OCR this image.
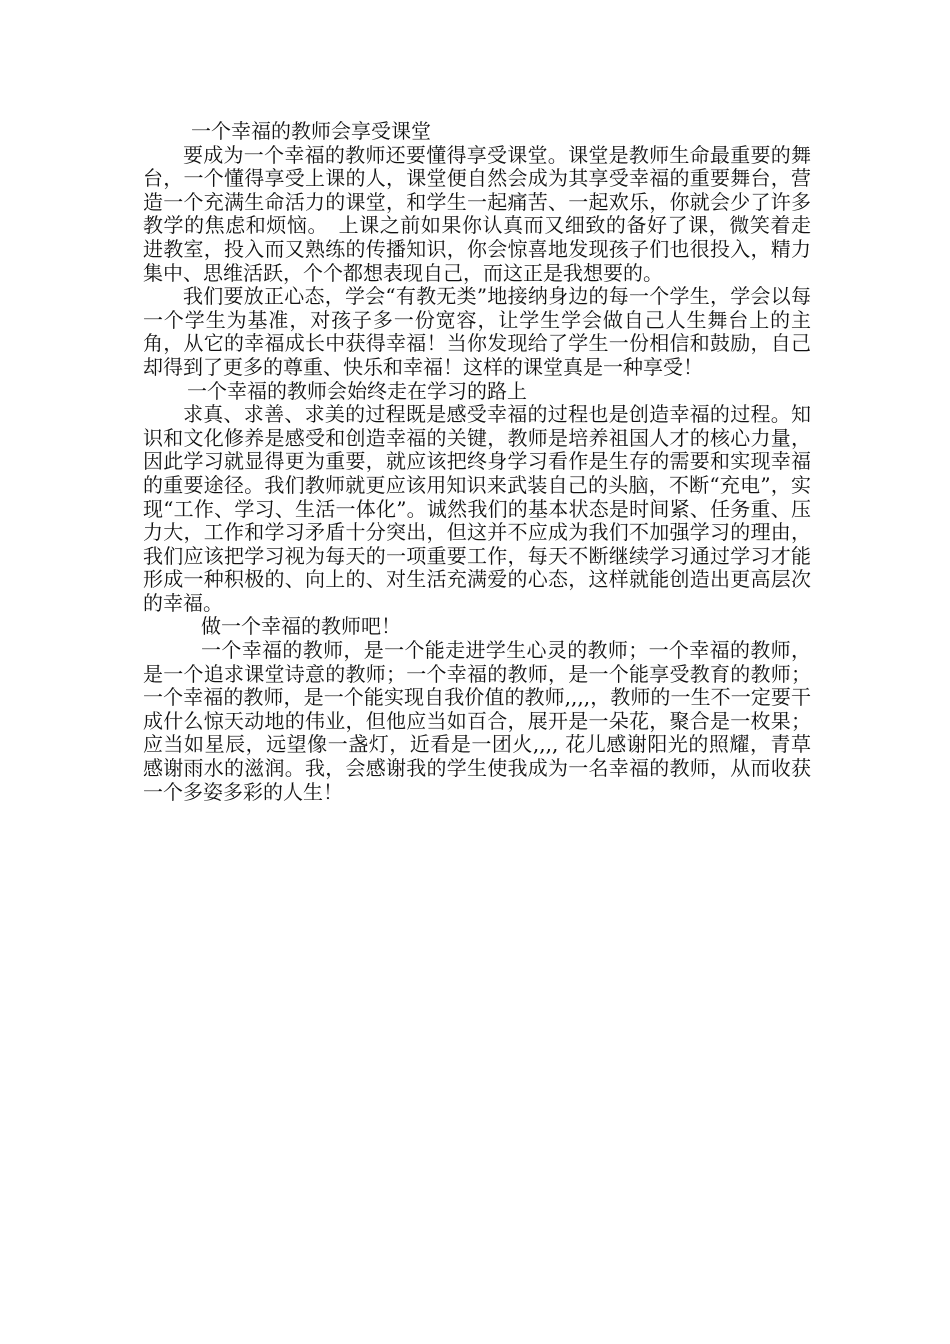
一个幸福的教师会享受课堂

要成为一个幸福的教师还要懂得享受课堂。课堂是教师生命最重要的舞台，一个懂得享受上课的人，课堂便自然会成为其享受幸福的重要舞台，营造一个充满生命活力的课堂，和学生一起痛苦、一起欢乐，你就会少了许多教学的焦虑和烦恼。　上课之前如果你认真而又细致的备好了课，微笑着走进教室，投入而又熟练的传播知识，你会惊喜地发现孩子们也很投入，精力集中、思维活跃，个个都想表现自己，而这正是我想要的。

我们要放正心态，学会“有教无类”地接纳身边的每一个学生，学会以每一个学生为基准，对孩子多一份宽容，让学生学会做自己人生舞台上的主角，从它的幸福成长中获得幸福！当你发现给了学生一份相信和鼓励，自己却得到了更多的尊重、快乐和幸福！这样的课堂真是一种享受！

一个幸福的教师会始终走在学习的路上

求真、求善、求美的过程既是感受幸福的过程也是创造幸福的过程。知识和文化修养是感受和创造幸福的关键，教师是培养祖国人才的核心力量，因此学习就显得更为重要，就应该把终身学习看作是生存的需要和实现幸福的重要途径。我们教师就更应该用知识来武装自己的头脑，不断“充电”，实现“工作、学习、生活一体化”。诚然我们的基本状态是时间紧、任务重、压力大，工作和学习矛盾十分突出，但这并不应成为我们不加强学习的理由，我们应该把学习视为每天的一项重要工作，每天不断继续学习通过学习才能形成一种积极的、向上的、对生活充满爱的心态，这样就能创造出更高层次的幸福。

做一个幸福的教师吧！

一个幸福的教师，是一个能走进学生心灵的教师；一个幸福的教师，是一个追求课堂诗意的教师；一个幸福的教师，是一个能享受教育的教师；一个幸福的教师，是一个能实现自我价值的教师,,,,，教师的一生不一定要干成什么惊天动地的伟业，但他应当如百合，展开是一朵花，聚合是一枚果；应当如星辰，远望像一盏灯，近看是一团火,,,, 花儿感谢阳光的照耀，青草感谢雨水的滋润。我，会感谢我的学生使我成为一名幸福的教师，从而收获一个多姿多彩的人生！
